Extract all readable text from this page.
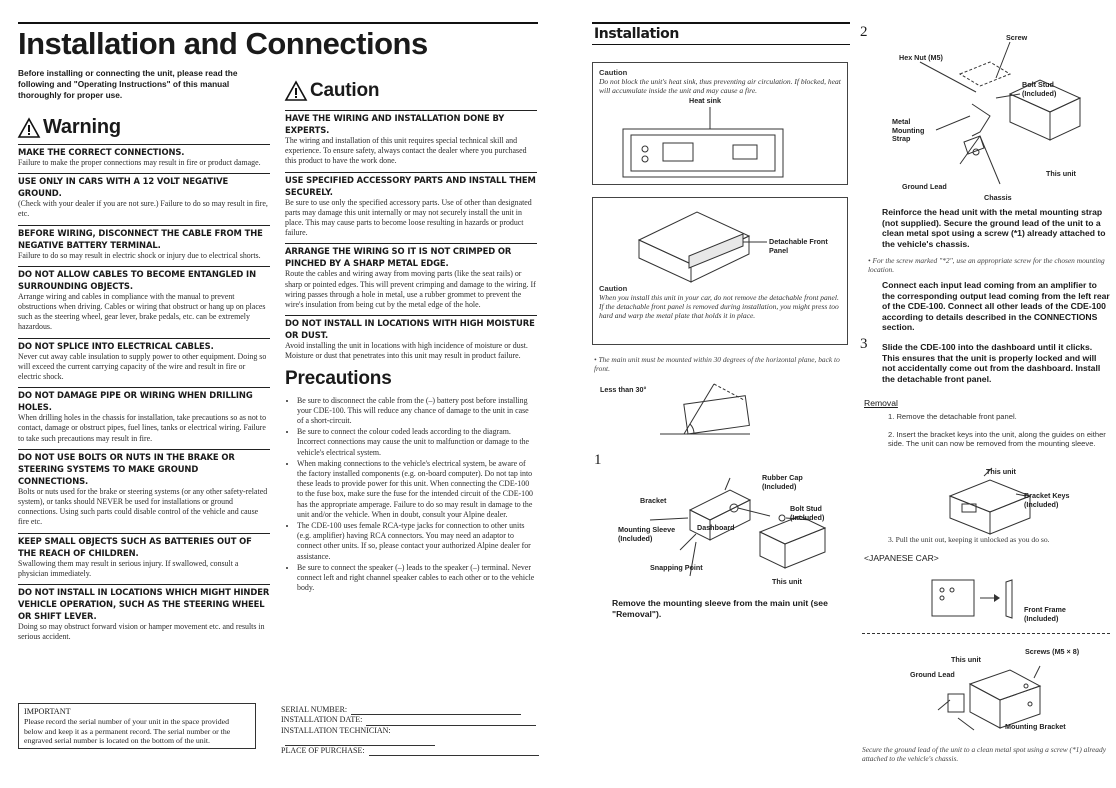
Installation and Connections
Before installing or connecting the unit, please read the following and "Operating Instructions" of this manual thoroughly for proper use.
Warning
MAKE THE CORRECT CONNECTIONS.

Failure to make the proper connections may result in fire or product damage.

USE ONLY IN CARS WITH A 12 VOLT NEGATIVE GROUND.

(Check with your dealer if you are not sure.) Failure to do so may result in fire, etc.

BEFORE WIRING, DISCONNECT THE CABLE FROM THE NEGATIVE BATTERY TERMINAL.

Failure to do so may result in electric shock or injury due to electrical shorts.

DO NOT ALLOW CABLES TO BECOME ENTANGLED IN SURROUNDING OBJECTS.

Arrange wiring and cables in compliance with the manual to prevent obstructions when driving. Cables or wiring that obstruct or hang up on places such as the steering wheel, gear lever, brake pedals, etc. can be extremely hazardous.

DO NOT SPLICE INTO ELECTRICAL CABLES.

Never cut away cable insulation to supply power to other equipment. Doing so will exceed the current carrying capacity of the wire and result in fire or electric shock.

DO NOT DAMAGE PIPE OR WIRING WHEN DRILLING HOLES.

When drilling holes in the chassis for installation, take precautions so as not to contact, damage or obstruct pipes, fuel lines, tanks or electrical wiring. Failure to take such precautions may result in fire.

DO NOT USE BOLTS OR NUTS IN THE BRAKE OR STEERING SYSTEMS TO MAKE GROUND CONNECTIONS.

Bolts or nuts used for the brake or steering systems (or any other safety-related system), or tanks should NEVER be used for installations or ground connections. Using such parts could disable control of the vehicle and cause fire etc.

KEEP SMALL OBJECTS SUCH AS BATTERIES OUT OF THE REACH OF CHILDREN.

Swallowing them may result in serious injury. If swallowed, consult a physician immediately.

DO NOT INSTALL IN LOCATIONS WHICH MIGHT HINDER VEHICLE OPERATION, SUCH AS THE STEERING WHEEL OR SHIFT LEVER.

Doing so may obstruct forward vision or hamper movement etc. and results in serious accident.

Caution
HAVE THE WIRING AND INSTALLATION DONE BY EXPERTS.

The wiring and installation of this unit requires special technical skill and experience. To ensure safety, always contact the dealer where you purchased this product to have the work done.

USE SPECIFIED ACCESSORY PARTS AND INSTALL THEM SECURELY.

Be sure to use only the specified accessory parts. Use of other than designated parts may damage this unit internally or may not securely install the unit in place. This may cause parts to become loose resulting in hazards or product failure.

ARRANGE THE WIRING SO IT IS NOT CRIMPED OR PINCHED BY A SHARP METAL EDGE.

Route the cables and wiring away from moving parts (like the seat rails) or sharp or pointed edges. This will prevent crimping and damage to the wiring. If wiring passes through a hole in metal, use a rubber grommet to prevent the wire's insulation from being cut by the metal edge of the hole.

DO NOT INSTALL IN LOCATIONS WITH HIGH MOISTURE OR DUST.

Avoid installing the unit in locations with high incidence of moisture or dust. Moisture or dust that penetrates into this unit may result in product failure.

Precautions
• Be sure to disconnect the cable from the (–) battery post before installing your CDE-100. This will reduce any chance of damage to the unit in case of a short-circuit.
• Be sure to connect the colour coded leads according to the diagram. Incorrect connections may cause the unit to malfunction or damage to the vehicle's electrical system.
• When making connections to the vehicle's electrical system, be aware of the factory installed components (e.g. on-board computer). Do not tap into these leads to provide power for this unit. When connecting the CDE-100 to the fuse box, make sure the fuse for the intended circuit of the CDE-100 has the appropriate amperage. Failure to do so may result in damage to the unit and/or the vehicle. When in doubt, consult your Alpine dealer.
• The CDE-100 uses female RCA-type jacks for connection to other units (e.g. amplifier) having RCA connectors. You may need an adaptor to connect other units. If so, please contact your authorized Alpine dealer for assistance.
• Be sure to connect the speaker (–) leads to the speaker (–) terminal. Never connect left and right channel speaker cables to each other or to the vehicle body.
IMPORTANT
Please record the serial number of your unit in the space provided below and keep it as a permanent record. The serial number or the engraved serial number is located on the bottom of the unit.
SERIAL NUMBER:
INSTALLATION DATE:
INSTALLATION TECHNICIAN:
PLACE OF PURCHASE:
Installation
Caution
Do not block the unit's heat sink, thus preventing air circulation. If blocked, heat will accumulate inside the unit and may cause a fire.
Heat sink
Detachable Front Panel
Caution
When you install this unit in your car, do not remove the detachable front panel.
If the detachable front panel is removed during installation, you might press too hard and warp the metal plate that holds it in place.
• The main unit must be mounted within 30 degrees of the horizontal plane, back to front.
Less than 30°
1
Rubber Cap (Included)
Bracket
Bolt Stud (Included)
Mounting Sleeve (Included)
Dashboard
Snapping Point
This unit
Remove the mounting sleeve from the main unit (see "Removal").
2	Screw
Hex Nut (M5)
Bolt Stud (Included)
Metal Mounting Strap
This unit
Ground Lead
Chassis
Reinforce the head unit with the metal mounting strap (not supplied). Secure the ground lead of the unit to a clean metal spot using a screw (*1) already attached to the vehicle's chassis.
• For the screw marked "*2", use an appropriate screw for the chosen mounting location.
Connect each input lead coming from an amplifier to the corresponding output lead coming from the left rear of the CDE-100. Connect all other leads of the CDE-100 according to details described in the CONNECTIONS section.
3 Slide the CDE-100 into the dashboard until it clicks. This ensures that the unit is properly locked and will not accidentally come out from the dashboard. Install the detachable front panel.
Removal
1. Remove the detachable front panel.
2. Insert the bracket keys into the unit, along the guides on either side. The unit can now be removed from the mounting sleeve.
This unit
Bracket Keys (Included)
3. Pull the unit out, keeping it unlocked as you do so.
<JAPANESE CAR>
Front Frame (Included)
Screws (M5 × 8)
This unit
Ground Lead
Mounting Bracket
Secure the ground lead of the unit to a clean metal spot using a screw (*1) already attached to the vehicle's chassis.
